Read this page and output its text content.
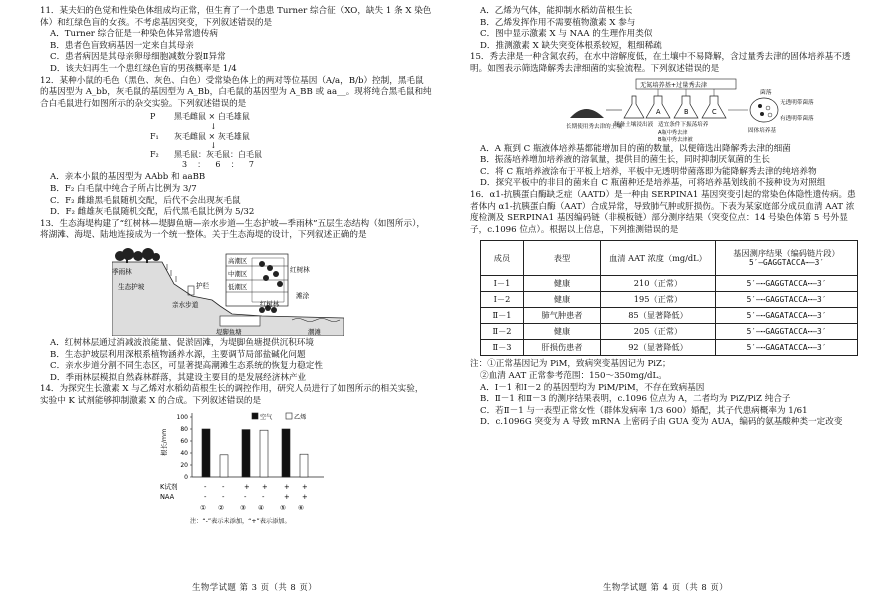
11．某夫妇的色觉和性染色体组成均正常，但生育了一个患患 Turner 综合征（XO，缺失 1 条 X 染色体）和红绿色盲的女孩。不考虑基因突变，下列叙述错误的是

A．Turner 综合征是一种染色体异常遗传病

B．患者色盲致病基因一定来自其母亲

C．患者病因是其母亲卵母细胞减数分裂Ⅱ异常

D．该夫妇再生一个患红绿色盲的男孩概率是 1/4

12．某种小鼠的毛色（黑色、灰色、白色）受常染色体上的两对等位基因（A/a，B/b）控制，黑毛鼠的基因型为 A_bb，灰毛鼠的基因型为 A_Bb，白毛鼠的基因型为 A_BB 或 aa__。现将纯合黑毛鼠和纯合白毛鼠进行如图所示的杂交实验。下列叙述错误的是

P 黑毛雌鼠 × 白毛雄鼠
↓
F₁ 灰毛雌鼠 × 灰毛雄鼠
↓
F₂ 黑毛鼠：灰毛鼠：白毛鼠
3    ：    6    ：    7

A．亲本小鼠的基因型为 AAbb 和 aaBB

B．F₂ 白毛鼠中纯合子所占比例为 3/7

C．F₂ 雌雄黑毛鼠随机交配，后代不会出现灰毛鼠

D．F₂ 雌雄灰毛鼠随机交配，后代黑毛鼠比例为 5/32

13．生态海堤构建了“红树林—堤脚鱼塘—亲水步道—生态护坡—季雨林”五层生态结构（如图所示），将湖滩、海堤、陆地连接成为一个统一整体。关于生态海堤的设计，下列叙述正确的是

季雨林
生态护坡	护栏
亲水步道
高潮区
中潮区
低潮区
红树林
滩涂
红树林
堤脚鱼塘	潮滩

A．红树林层通过消减波浪能量、促淤固滩，为堤脚鱼塘提供沉积环境

B．生态护坡层利用深根系植物涵养水源，主要调节局部盐碱化问题

C．亲水步道分割不同生态区，可显著提高潮滩生态系统的恢复力稳定性

D．季雨林层模拟自然森林群落，其建设主要目的是发展经济林产业

14．为探究生长激素 X 与乙烯对水稻幼苗根生长的调控作用，研究人员进行了如图所示的相关实验，实验中 K 试剂能够抑制激素 X 的合成。下列叙述错误的是

根长/mm
0
20
40
60
80
100	空气	乙烯
K试剂
NAA
- -	+ + + +
- -	- -	+ +
① ② ③ ④ ⑤ ⑥
注：“-”表示未添加，“+”表示添加。
生物学试题 第 3 页（共 8 页）

A．乙烯为气体，能抑制水稻幼苗根生长

B．乙烯发挥作用不需要植物激素 X 参与

C．图中显示激素 X 与 NAA 的生理作用类似

D．推测激素 X 缺失突变体根系较短，粗细稀疏

15．秀去津是一种含氮农药，在水中溶解度低，在土壤中不易降解，含过量秀去津的固体培养基不透明。如图表示筛选降解秀去津细菌的实验流程。下列叙述错误的是

无氮培养基+过量秀去津
长期使用秀去津的土壤
A	B	C
菌落
无透明带菌落
有透明带菌落
制备土壤浸出液 适宜条件下振荡培养
固体培养基
A瓶中秀去津
B瓶中秀去津被

A．A 瓶到 C 瓶液体培养基都能增加目的菌的数量，以便筛选出降解秀去津的细菌

B．振荡培养增加培养液的溶氧量，提供目的菌生长，同时抑制厌氧菌的生长

C．将 C 瓶培养液涂布于平板上培养，平板中无透明带菌落即为能降解秀去津的纯培养物

D．探究平板中的非目的菌来自 C 瓶菌种还是培养基，可将培养基划线前不接种设为对照组

16．α1-抗胰蛋白酶缺乏症（AATD）是一种由 SERPINA1 基因突变引起的常染色体隐性遗传病。患者体内 α1-抗胰蛋白酶（AAT）合成异常，导致肺气肿或肝损伤。下表为某家庭部分成员血清 AAT 浓度检测及 SERPINA1 基因编码链（非模板链）部分测序结果（突变位点：14 号染色体第 5 号外显子，c.1096 位点）。根据以上信息，下列推测错误的是

成员	表型	血清 AAT 浓度（mg/dL）	基因测序结果（编码链片段）
5′—GAGGTACCA⋯—3′

Ⅰ－1	健康	210（正常）	5′—⋯GAGGTACCA⋯—3′
Ⅰ－2	健康	195（正常）	5′—⋯GAGGTACCA⋯—3′
Ⅱ－1	肺气肿患者	85（显著降低）	5′—⋯GAGATACCA⋯—3′
Ⅱ－2	健康	205（正常）	5′—⋯GAGGTACCA⋯—3′
Ⅱ－3	肝损伤患者	92（显著降低）	5′—⋯GAGATACCA⋯—3′

注：①正常基因记为 PiM，致病突变基因记为 PiZ；

②血清 AAT 正常参考范围：150～350mg/dL。

A．Ⅰ－1 和Ⅰ－2 的基因型均为 PiM/PiM，不存在致病基因

B．Ⅱ－1 和Ⅱ－3 的测序结果表明，c.1096 位点为 A，二者均为 PiZ/PiZ 纯合子

C．若Ⅱ－1 与一表型正常女性（群体发病率 1/3 600）婚配，其子代患病概率为 1/61

D．c.1096G 突变为 A 导致 mRNA 上密码子由 GUA 变为 AUA，编码的氨基酸种类一定改变

生物学试题 第 4 页（共 8 页）
